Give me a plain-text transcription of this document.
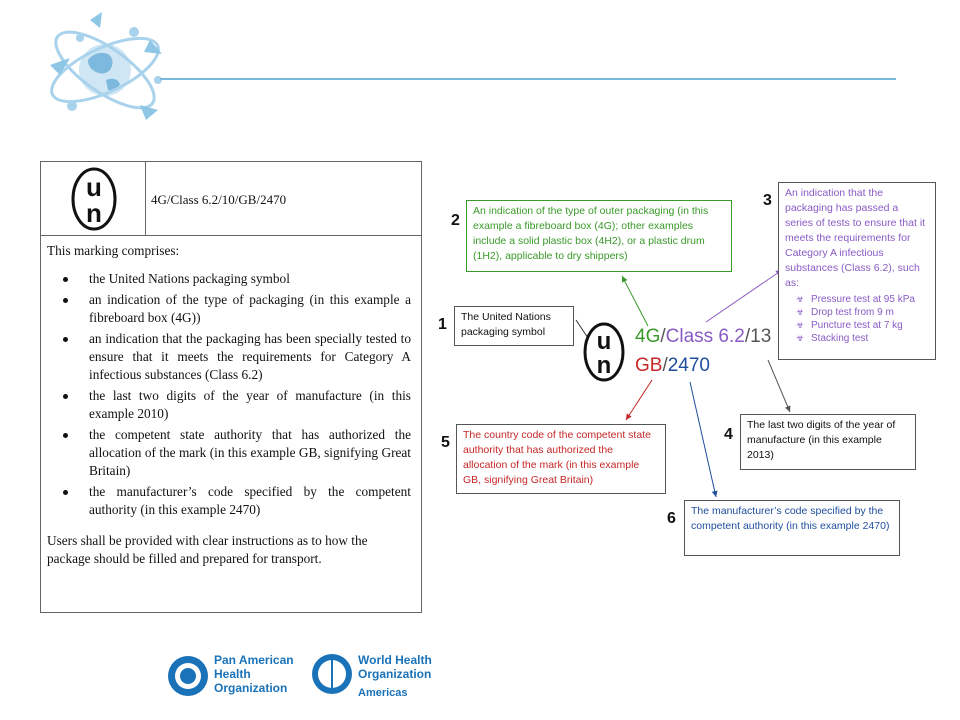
u
n	4G/Class 6.2/10/GB/2470

This marking comprises:

the United Nations packaging symbol
an indication of the type of packaging (in this example a fibreboard box (4G))
an indication that the packaging has been specially tested to ensure that it meets the requirements for Category A infectious substances (Class 6.2)
the last two digits of the year of manufacture (in this example 2010)
the competent state authority that has authorized the allocation of the mark (in this example GB, signifying Great Britain)
the manufacturer’s code specified by the competent authority (in this example 2470)

Users shall be provided with clear instructions as to how the package should be filled and prepared for transport.

1	The United Nations packaging symbol
2
An indication of the type of outer packaging (in this example a fibreboard box (4G); other examples include a solid plastic box (4H2), or a plastic drum (1H2), applicable to dry shippers)
3	An indication that the packaging has passed a series of tests to ensure that it meets the requirements for Category A infectious substances (Class 6.2), such as:
☣ Pressure test at 95 kPa
☣ Drop test from 9 m
☣ Puncture test at 7 kg
☣ Stacking test
u
n
4G/Class 6.2/13
GB/2470
4
The last two digits of the year of manufacture (in this example 2013)
5	The country code of the competent state authority that has authorized the allocation of the mark (in this example GB, signifying Great Britain)
6	The manufacturer’s code specified by the competent authority (in this example 2470)
Pan American
Health
Organization
World Health
Organization
Americas
